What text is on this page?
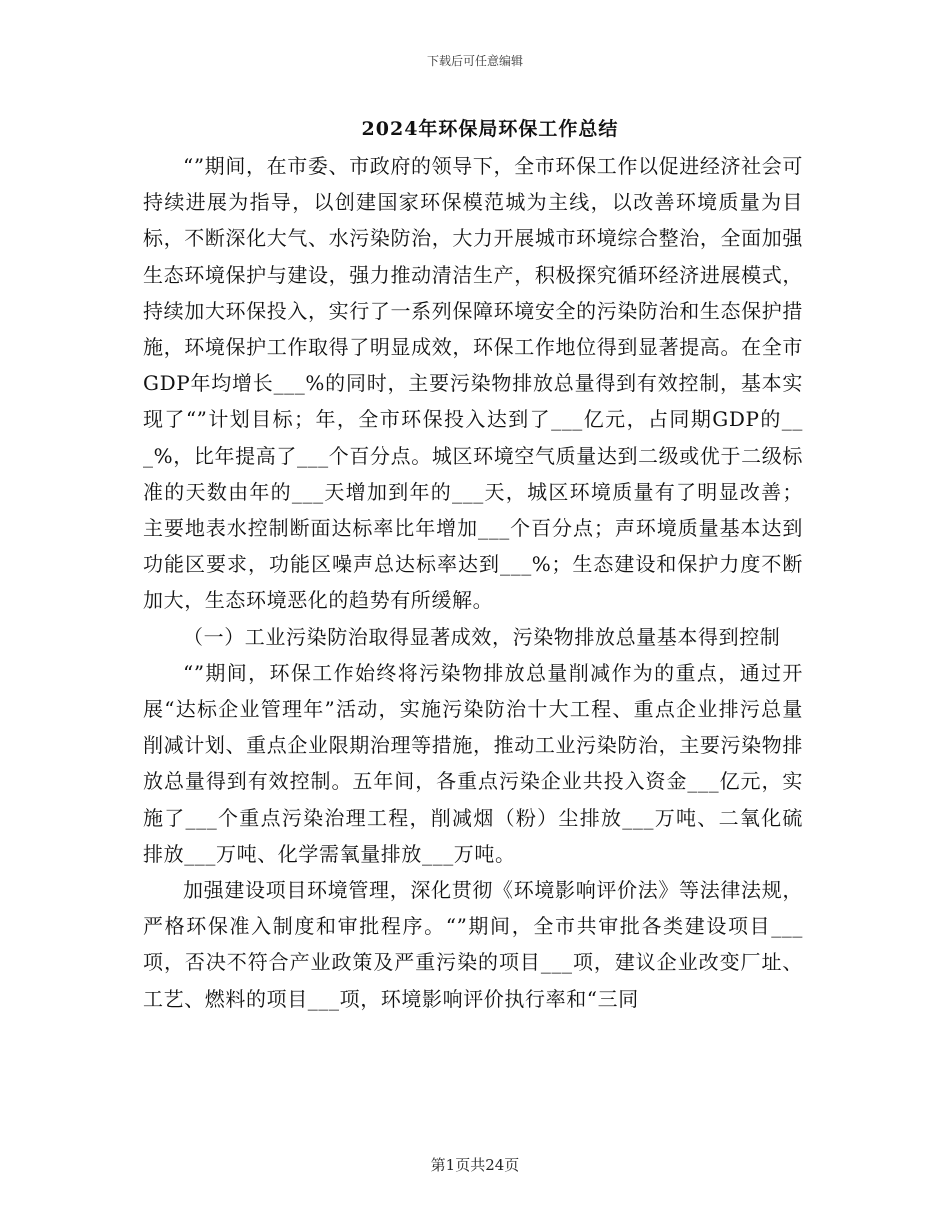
下载后可任意编辑
2024年环保局环保工作总结

“”期间，在市委、市政府的领导下，全市环保工作以促进经济社会可持续进展为指导，以创建国家环保模范城为主线，以改善环境质量为目标，不断深化大气、水污染防治，大力开展城市环境综合整治，全面加强生态环境保护与建设，强力推动清洁生产，积极探究循环经济进展模式，持续加大环保投入，实行了一系列保障环境安全的污染防治和生态保护措施，环境保护工作取得了明显成效，环保工作地位得到显著提高。在全市GDP年均增长___%的同时，主要污染物排放总量得到有效控制，基本实现了“”计划目标；年，全市环保投入达到了___亿元，占同期GDP的___%，比年提高了___个百分点。城区环境空气质量达到二级或优于二级标准的天数由年的___天增加到年的___天，城区环境质量有了明显改善；主要地表水控制断面达标率比年增加___个百分点；声环境质量基本达到功能区要求，功能区噪声总达标率达到___%；生态建设和保护力度不断加大，生态环境恶化的趋势有所缓解。

（一）工业污染防治取得显著成效，污染物排放总量基本得到控制

“”期间，环保工作始终将污染物排放总量削减作为的重点，通过开展“达标企业管理年”活动，实施污染防治十大工程、重点企业排污总量削减计划、重点企业限期治理等措施，推动工业污染防治，主要污染物排放总量得到有效控制。五年间，各重点污染企业共投入资金___亿元，实施了___个重点污染治理工程，削减烟（粉）尘排放___万吨、二氧化硫排放___万吨、化学需氧量排放___万吨。

加强建设项目环境管理，深化贯彻《环境影响评价法》等法律法规，严格环保准入制度和审批程序。“”期间，全市共审批各类建设项目___项，否决不符合产业政策及严重污染的项目___项，建议企业改变厂址、工艺、燃料的项目___项，环境影响评价执行率和“三同

第1页共24页
